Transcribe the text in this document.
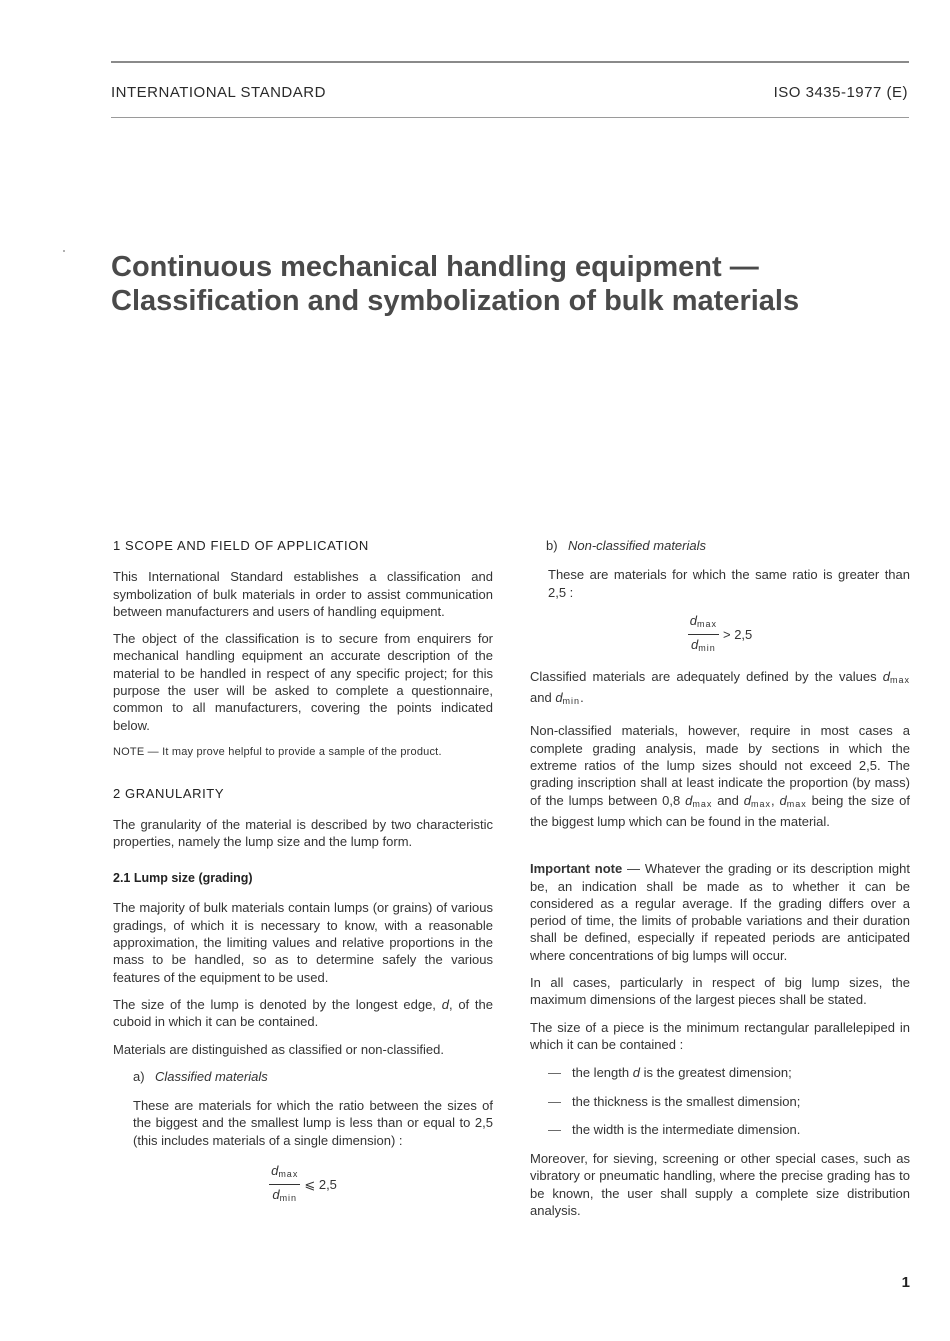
INTERNATIONAL STANDARD	ISO 3435-1977 (E)
Continuous mechanical handling equipment — Classification and symbolization of bulk materials
1 SCOPE AND FIELD OF APPLICATION

This International Standard establishes a classification and symbolization of bulk materials in order to assist communication between manufacturers and users of handling equipment.

The object of the classification is to secure from enquirers for mechanical handling equipment an accurate description of the material to be handled in respect of any specific project; for this purpose the user will be asked to complete a questionnaire, common to all manufacturers, covering the points indicated below.

NOTE — It may prove helpful to provide a sample of the product.

2 GRANULARITY

The granularity of the material is described by two characteristic properties, namely the lump size and the lump form.

2.1 Lump size (grading)

The majority of bulk materials contain lumps (or grains) of various gradings, of which it is necessary to know, with a reasonable approximation, the limiting values and relative proportions in the mass to be handled, so as to determine safely the various features of the equipment to be used.

The size of the lump is denoted by the longest edge, d, of the cuboid in which it can be contained.

Materials are distinguished as classified or non-classified.

a) Classified materials

These are materials for which the ratio between the sizes of the biggest and the smallest lump is less than or equal to 2,5 (this includes materials of a single dimension) :

$\frac{d_{max}}{d_{min}}$ ⩽ 2,5
b) Non-classified materials

These are materials for which the same ratio is greater than 2,5 :

$\frac{d_{max}}{d_{min}} > 2,5$

Classified materials are adequately defined by the values $d_{max}$ and $d_{min}$.

Non-classified materials, however, require in most cases a complete grading analysis, made by sections in which the extreme ratios of the lump sizes should not exceed 2,5. The grading inscription shall at least indicate the proportion (by mass) of the lumps between 0,8 $d_{max}$ and $d_{max}$, $d_{max}$ being the size of the biggest lump which can be found in the material.

Important note — Whatever the grading or its description might be, an indication shall be made as to whether it can be considered as a regular average. If the grading differs over a period of time, the limits of probable variations and their duration shall be defined, especially if repeated periods are anticipated where concentrations of big lumps will occur.

In all cases, particularly in respect of big lump sizes, the maximum dimensions of the largest pieces shall be stated.

The size of a piece is the minimum rectangular parallelepiped in which it can be contained :

— the length d is the greatest dimension;
— the thickness is the smallest dimension;
— the width is the intermediate dimension.

Moreover, for sieving, screening or other special cases, such as vibratory or pneumatic handling, where the precise grading has to be known, the user shall supply a complete size distribution analysis.

1
